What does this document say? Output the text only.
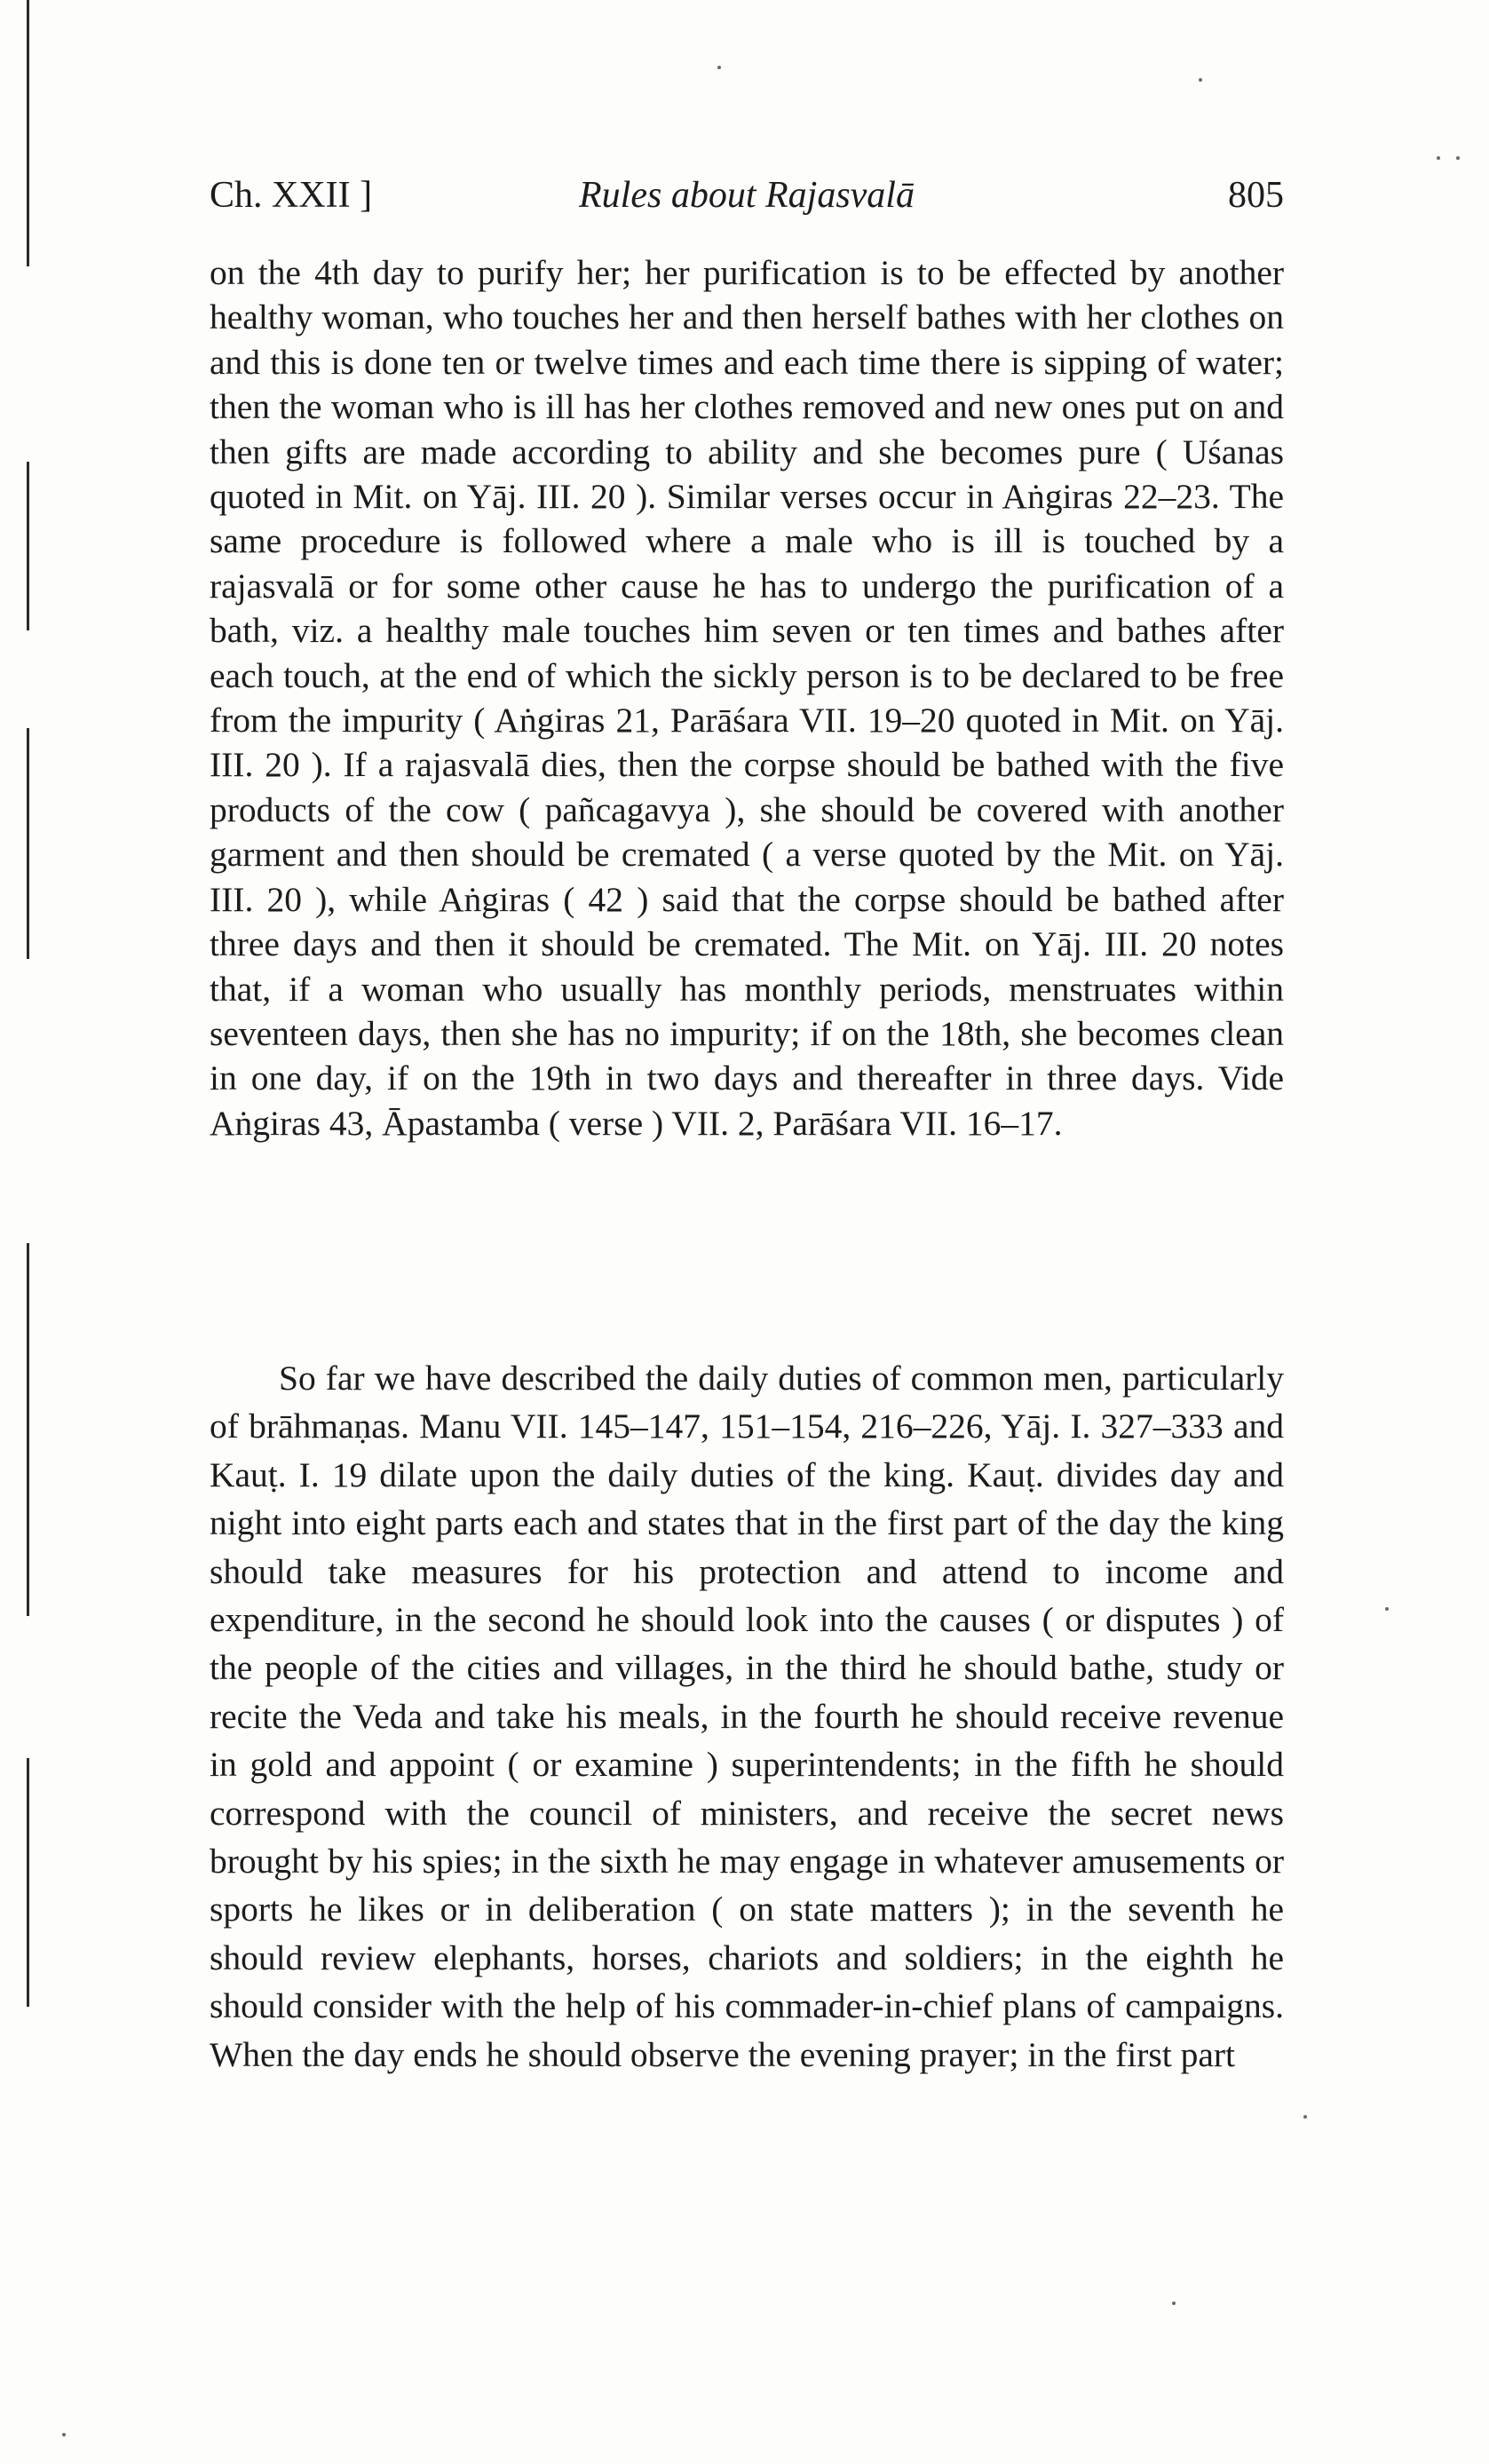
Ch. XXII ]	Rules about Rajasvalā	805

on the 4th day to purify her; her purification is to be effected by another healthy woman, who touches her and then herself bathes with her clothes on and this is done ten or twelve times and each time there is sipping of water; then the woman who is ill has her clothes removed and new ones put on and then gifts are made according to ability and she becomes pure ( Uśanas quoted in Mit. on Yāj. III. 20 ). Similar verses occur in Aṅgiras 22–23. The same procedure is followed where a male who is ill is touched by a rajasvalā or for some other cause he has to undergo the purification of a bath, viz. a healthy male touches him seven or ten times and bathes after each touch, at the end of which the sickly person is to be declared to be free from the impurity ( Aṅgiras 21, Parāśara VII. 19–20 quoted in Mit. on Yāj. III. 20 ). If a rajasvalā dies, then the corpse should be bathed with the five products of the cow ( pañcagavya ), she should be covered with another garment and then should be cremated ( a verse quoted by the Mit. on Yāj. III. 20 ), while Aṅgiras ( 42 ) said that the corpse should be bathed after three days and then it should be cremated. The Mit. on Yāj. III. 20 notes that, if a woman who usually has monthly periods, menstruates within seventeen days, then she has no impurity; if on the 18th, she becomes clean in one day, if on the 19th in two days and thereafter in three days. Vide Aṅgiras 43, Āpastamba ( verse ) VII. 2, Parāśara VII. 16–17.

So far we have described the daily duties of common men, particularly of brāhmaṇas. Manu VII. 145–147, 151–154, 216–226, Yāj. I. 327–333 and Kauṭ. I. 19 dilate upon the daily duties of the king. Kauṭ. divides day and night into eight parts each and states that in the first part of the day the king should take measures for his protection and attend to income and expenditure, in the second he should look into the causes ( or disputes ) of the people of the cities and villages, in the third he should bathe, study or recite the Veda and take his meals, in the fourth he should receive revenue in gold and appoint ( or examine ) superintendents; in the fifth he should correspond with the council of ministers, and receive the secret news brought by his spies; in the sixth he may engage in whatever amusements or sports he likes or in deliberation ( on state matters ); in the seventh he should review elephants, horses, chariots and soldiers; in the eighth he should consider with the help of his commader-in-chief plans of campaigns. When the day ends he should observe the evening prayer; in the first part
